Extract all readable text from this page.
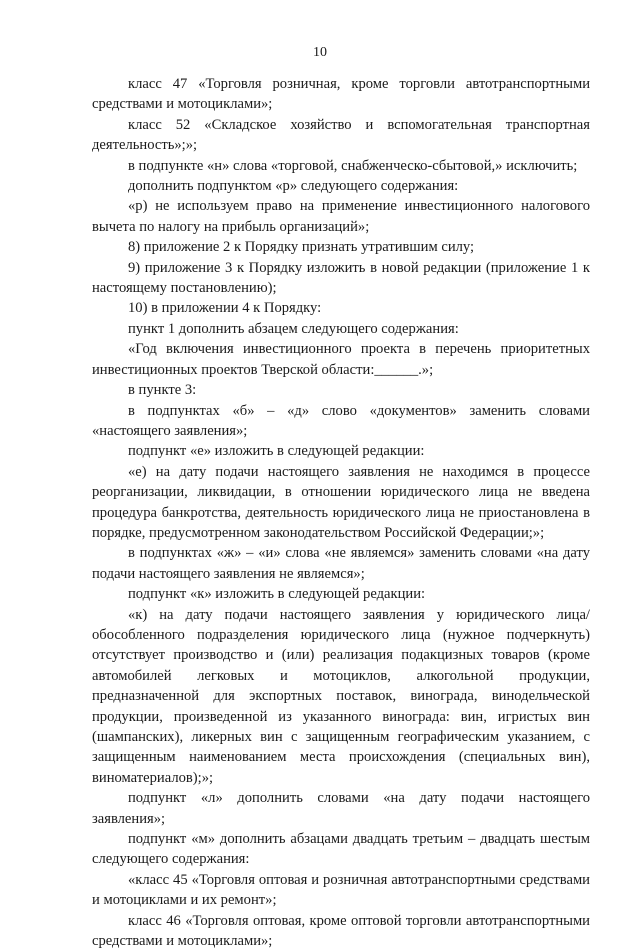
10

класс 47 «Торговля розничная, кроме торговли автотранспортными средствами и мотоциклами»;

класс 52 «Складское хозяйство и вспомогательная транспортная деятельность»;»;

в подпункте «н» слова «торговой, снабженческо-сбытовой,» исключить;

дополнить подпунктом «р» следующего содержания:

«р) не используем право на применение инвестиционного налогового вычета по налогу на прибыль организаций»;

8) приложение 2 к Порядку признать утратившим силу;

9) приложение 3 к Порядку изложить в новой редакции (приложение 1 к настоящему постановлению);

10) в приложении 4 к Порядку:

пункт 1 дополнить абзацем следующего содержания:

«Год включения инвестиционного проекта в перечень приоритетных инвестиционных проектов Тверской области:______.»;

в пункте 3:

в подпунктах «б» – «д» слово «документов» заменить словами «настоящего заявления»;

подпункт «е» изложить в следующей редакции:

«е) на дату подачи настоящего заявления не находимся в процессе реорганизации, ликвидации, в отношении юридического лица не введена процедура банкротства, деятельность юридического лица не приостановлена в порядке, предусмотренном законодательством Российской Федерации;»;

в подпунктах «ж» – «и» слова «не являемся» заменить словами «на дату подачи настоящего заявления не являемся»;

подпункт «к» изложить в следующей редакции:

«к) на дату подачи настоящего заявления у юридического лица/обособленного подразделения юридического лица (нужное подчеркнуть) отсутствует производство и (или) реализация подакцизных товаров (кроме автомобилей легковых и мотоциклов, алкогольной продукции, предназначенной для экспортных поставок, винограда, винодельческой продукции, произведенной из указанного винограда: вин, игристых вин (шампанских), ликерных вин с защищенным географическим указанием, с защищенным наименованием места происхождения (специальных вин), виноматериалов);»;

подпункт «л» дополнить словами «на дату подачи настоящего заявления»;

подпункт «м» дополнить абзацами двадцать третьим – двадцать шестым следующего содержания:

«класс 45 «Торговля оптовая и розничная автотранспортными средствами и мотоциклами и их ремонт»;

класс 46 «Торговля оптовая, кроме оптовой торговли автотранспортными средствами и мотоциклами»;
